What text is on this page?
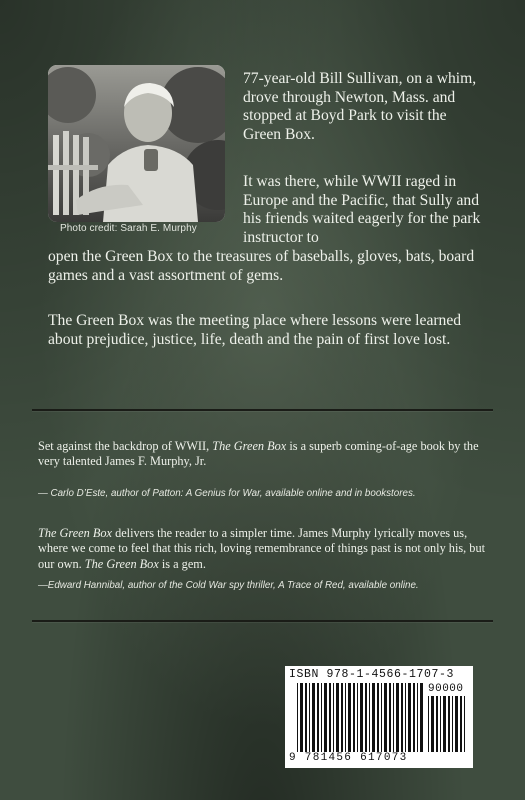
Photo credit: Sarah E. Murphy
77-year-old Bill Sullivan, on a whim, drove through Newton, Mass. and stopped at Boyd Park to visit the Green Box.
It was there, while WWII raged in Europe and the Pacific, that Sully and his friends waited eagerly for the park instructor to
open the Green Box to the treasures of baseballs, gloves, bats, board games and a vast assortment of gems.
The Green Box was the meeting place where lessons were learned about prejudice, justice, life, death and the pain of first love lost.
Set against the backdrop of WWII, The Green Box is a superb coming-of-age book by the very talented James F. Murphy, Jr.
— Carlo D’Este, author of Patton: A Genius for War, available online and in bookstores.
The Green Box delivers the reader to a simpler time. James Murphy lyrically moves us, where we come to feel that this rich, loving remembrance of things past is not only his, but our own. The Green Box is a gem.
—Edward Hannibal, author of the Cold War spy thriller, A Trace of Red, available online.
ISBN 978-1-4566-1707-3
90000
9 781456 617073
